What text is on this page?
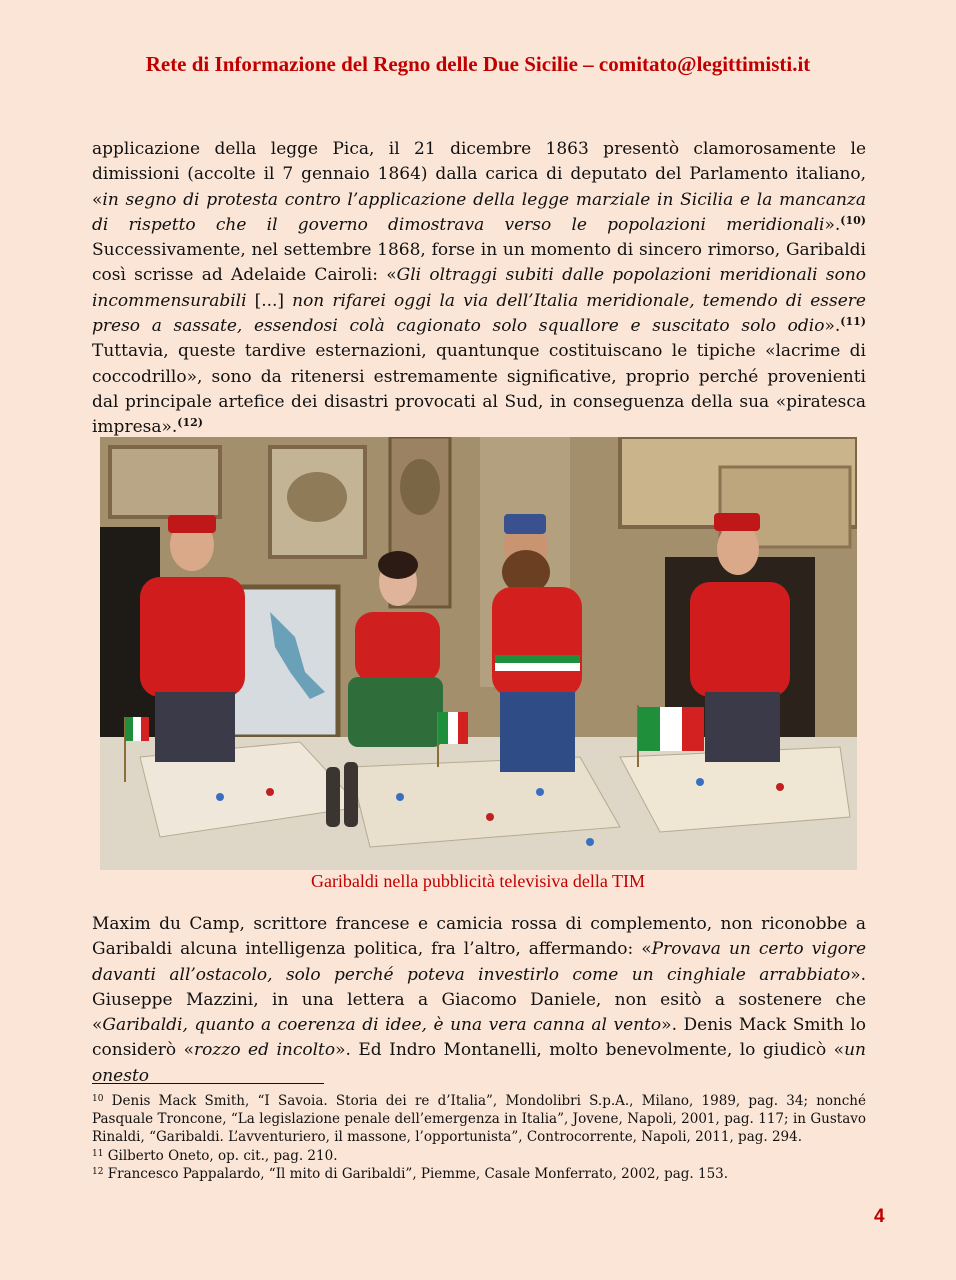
Rete di Informazione del Regno delle Due Sicilie – comitato@legittimisti.it
applicazione della legge Pica, il 21 dicembre 1863 presentò clamorosamente le dimissioni (accolte il 7 gennaio 1864) dalla carica di deputato del Parlamento italiano, «in segno di protesta contro l’applicazione della legge marziale in Sicilia e la mancanza di rispetto che il governo dimostrava verso le popolazioni meridionali».$^{(10)}$ Successivamente, nel settembre 1868, forse in un momento di sincero rimorso, Garibaldi così scrisse ad Adelaide Cairoli: «Gli oltraggi subiti dalle popolazioni meridionali sono incommensurabili [...] non rifarei oggi la via dell’Italia meridionale, temendo di essere preso a sassate, essendosi colà cagionato solo squallore e suscitato solo odio».$^{(11)}$ Tuttavia, queste tardive esternazioni, quantunque costituiscano le tipiche «lacrime di coccodrillo», sono da ritenersi estremamente significative, proprio perché provenienti dal principale artefice dei disastri provocati al Sud, in conseguenza della sua «piratesca impresa».$^{(12)}$
Garibaldi nella pubblicità televisiva della TIM
Maxim du Camp, scrittore francese e camicia rossa di complemento, non riconobbe a Garibaldi alcuna intelligenza politica, fra l’altro, affermando: «Provava un certo vigore davanti all’ostacolo, solo perché poteva investirlo come un cinghiale arrabbiato». Giuseppe Mazzini, in una lettera a Giacomo Daniele, non esitò a sostenere che «Garibaldi, quanto a coerenza di idee, è una vera canna al vento». Denis Mack Smith lo considerò «rozzo ed incolto». Ed Indro Montanelli, molto benevolmente, lo giudicò «un onesto
$^{10}$ Denis Mack Smith, “I Savoia. Storia dei re d’Italia”, Mondolibri S.p.A., Milano, 1989, pag. 34; nonché Pasquale Troncone, “La legislazione penale dell’emergenza in Italia”, Jovene, Napoli, 2001, pag. 117; in Gustavo Rinaldi, “Garibaldi. L’avventuriero, il massone, l’opportunista”, Controcorrente, Napoli, 2011, pag. 294.
$^{11}$ Gilberto Oneto, op. cit., pag. 210.
$^{12}$ Francesco Pappalardo, “Il mito di Garibaldi”, Piemme, Casale Monferrato, 2002, pag. 153.
4
